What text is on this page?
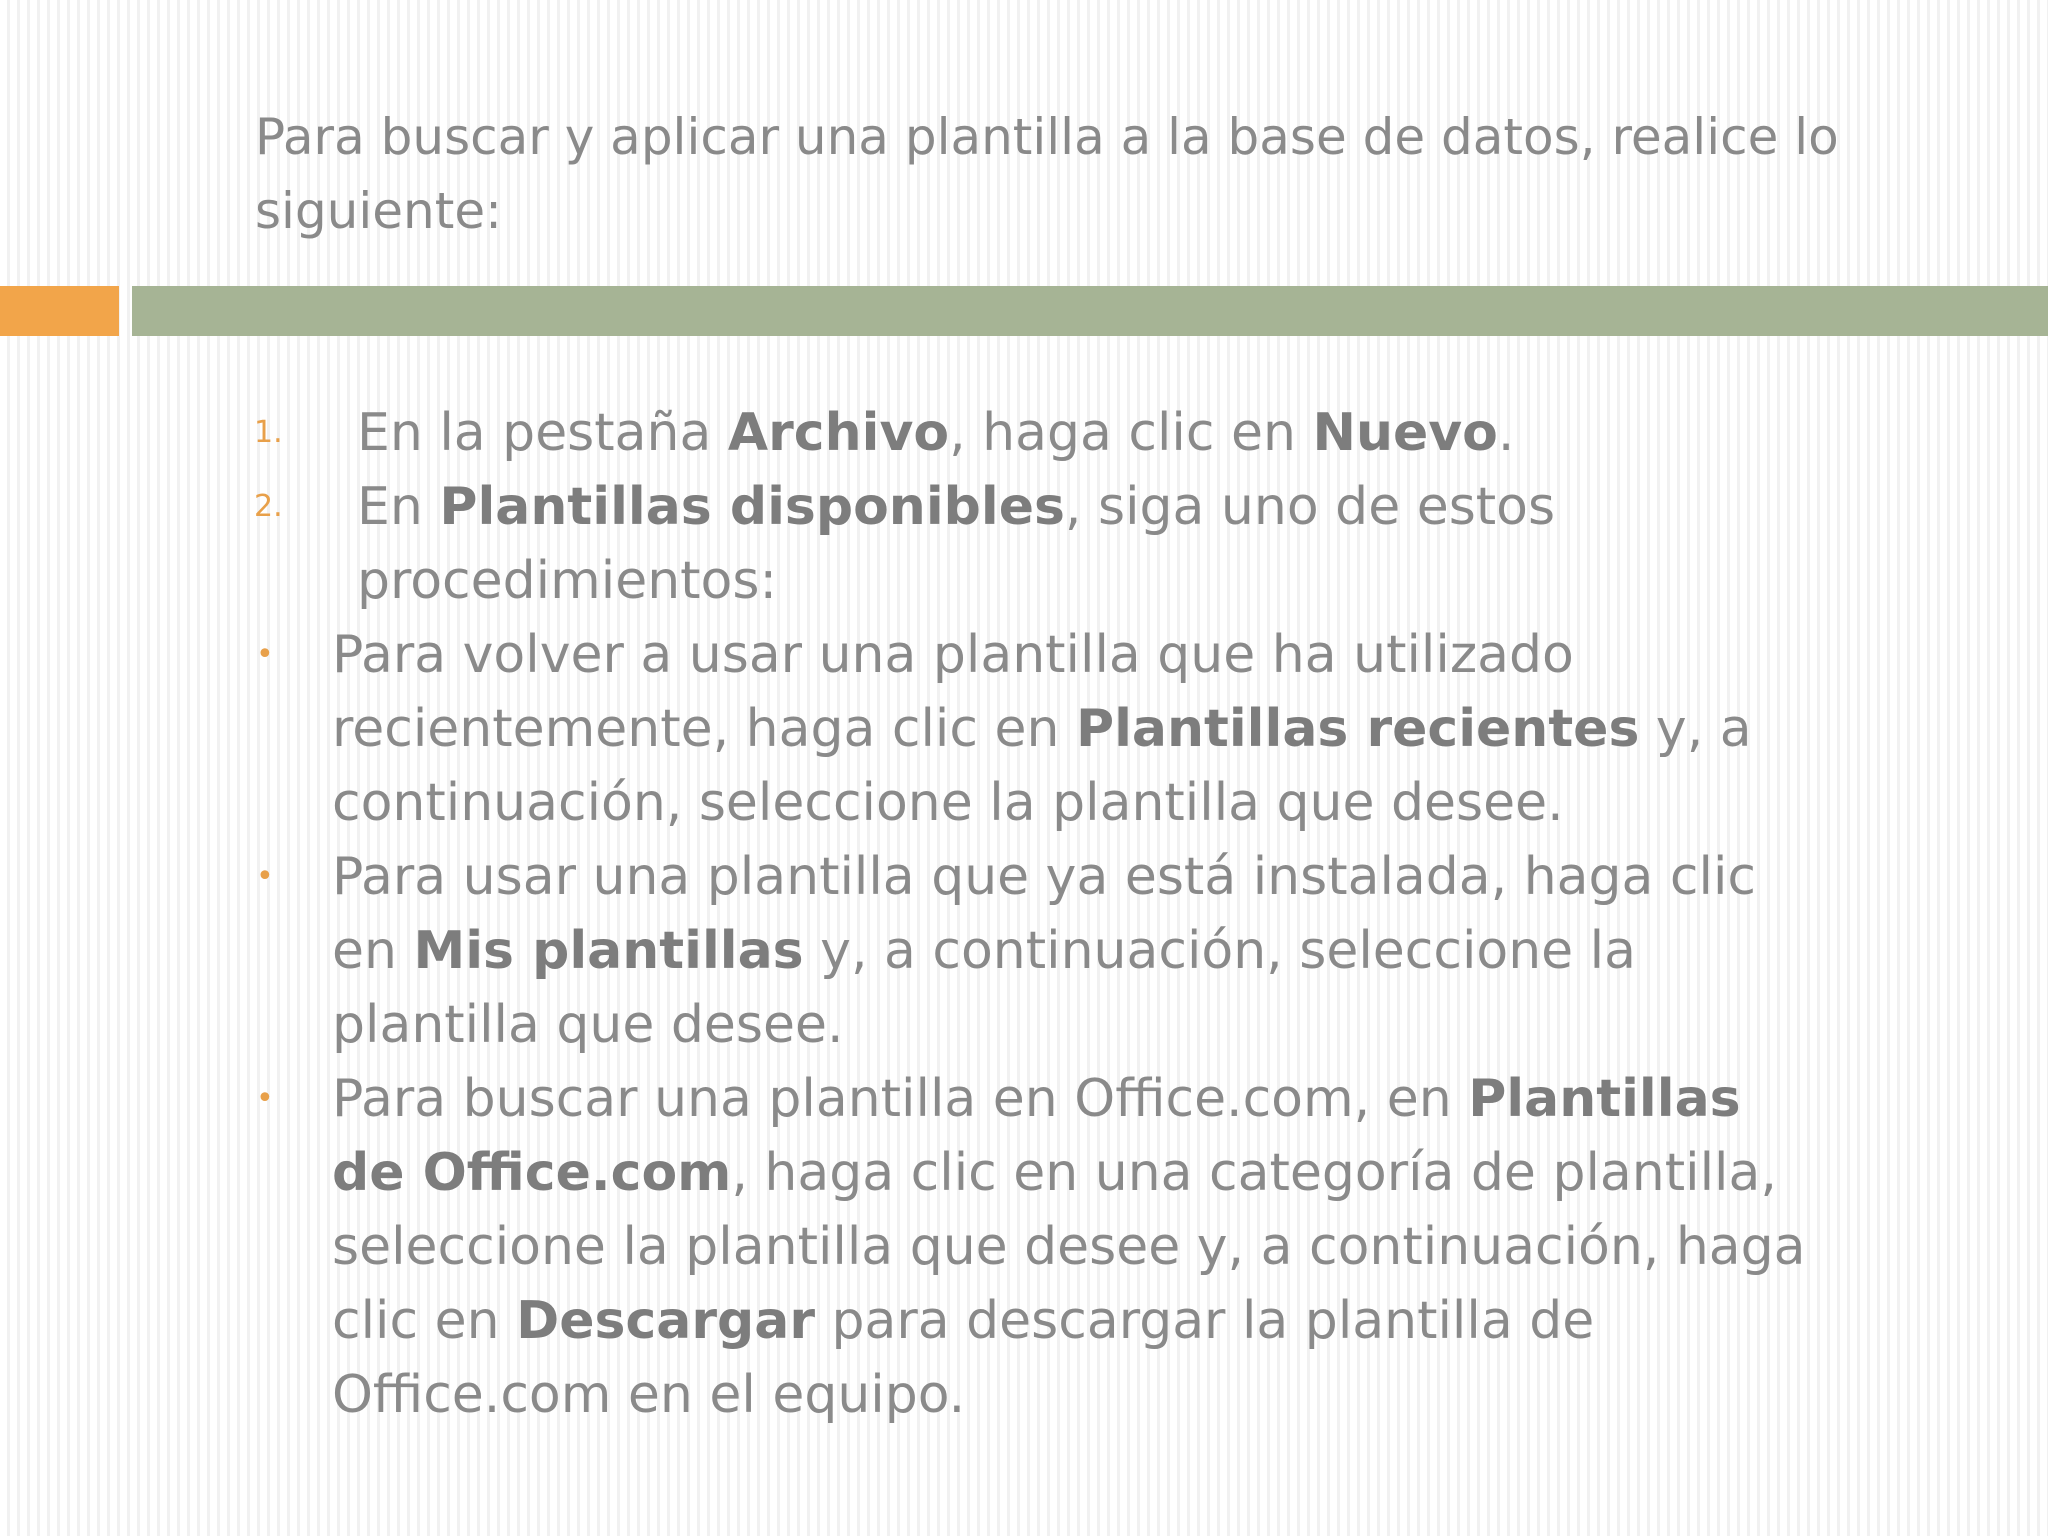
Para buscar y aplicar una plantilla a la base de datos, realice lo siguiente:
1. En la pestaña Archivo, haga clic en Nuevo.
2. En Plantillas disponibles, siga uno de estos procedimientos:
• Para volver a usar una plantilla que ha utilizado recientemente, haga clic en Plantillas recientes y, a continuación, seleccione la plantilla que desee.
• Para usar una plantilla que ya está instalada, haga clic en Mis plantillas y, a continuación, seleccione la plantilla que desee.
• Para buscar una plantilla en Office.com, en Plantillas de Office.com, haga clic en una categoría de plantilla, seleccione la plantilla que desee y, a continuación, haga clic en Descargar para descargar la plantilla de Office.com en el equipo.
